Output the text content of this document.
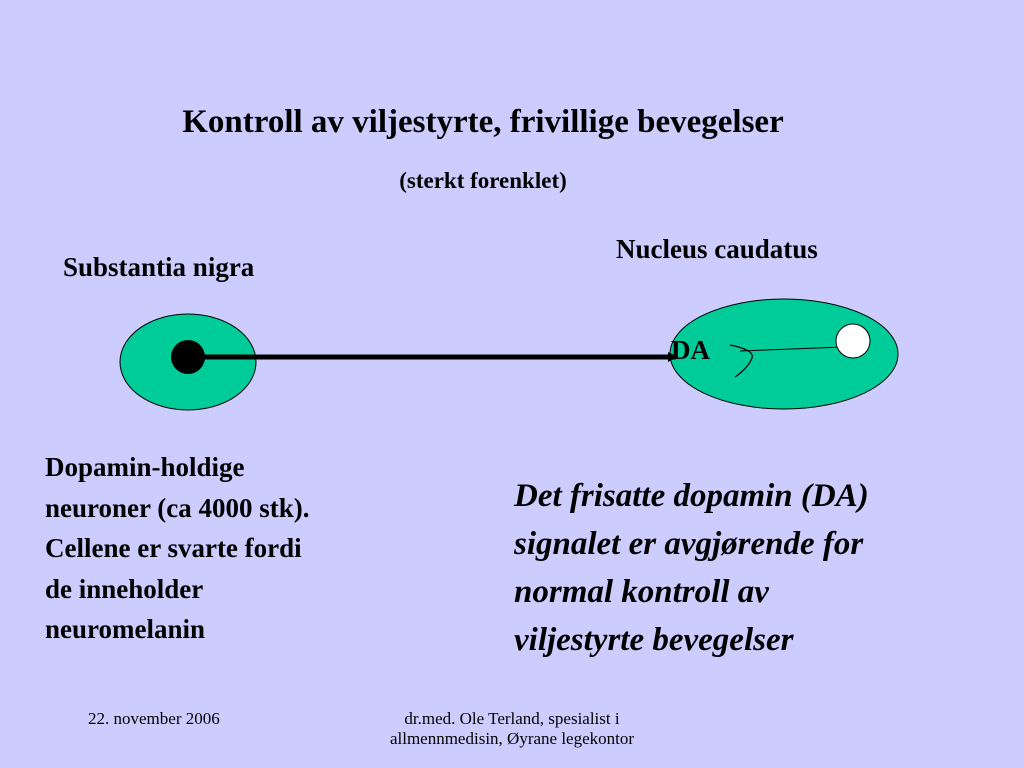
Kontroll av viljestyrte, frivillige bevegelser
(sterkt forenklet)
Substantia nigra
Nucleus caudatus
DA
Dopamin-holdige
neuroner (ca 4000 stk).
Cellene er svarte fordi
de inneholder
neuromelanin
Det frisatte dopamin (DA)
signalet er avgjørende for
normal kontroll av
viljestyrte bevegelser
22. november 2006	dr.med. Ole Terland, spesialist i
allmennmedisin, Øyrane legekontor
